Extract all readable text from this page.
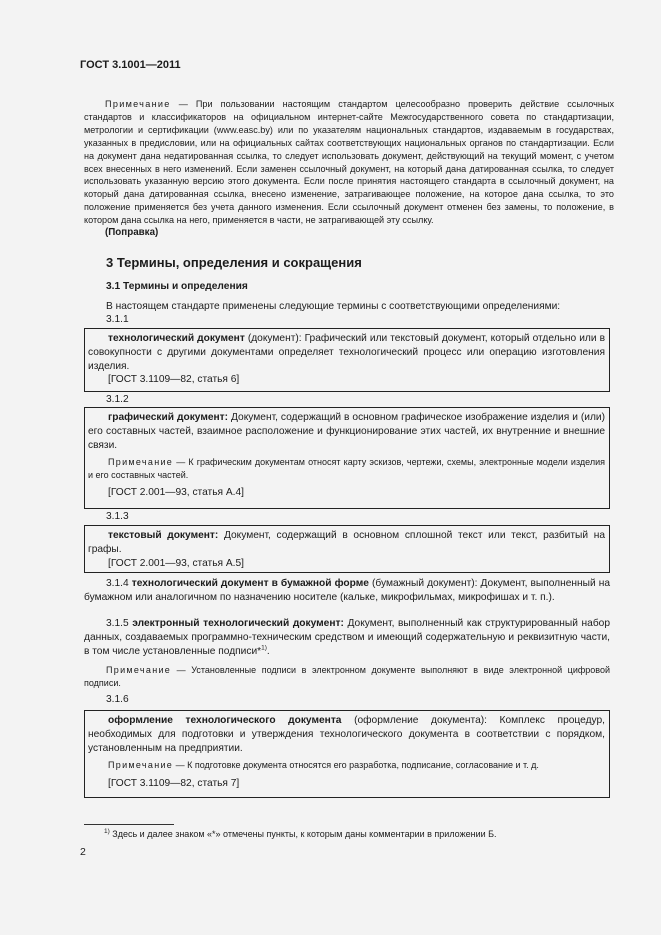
ГОСТ 3.1001—2011

Примечание — При пользовании настоящим стандартом целесообразно проверить действие ссылочных стандартов и классификаторов на официальном интернет-сайте Межгосударственного совета по стандартизации, метрологии и сертификации (www.easc.by) или по указателям национальных стандартов, издаваемым в государствах, указанных в предисловии, или на официальных сайтах соответствующих национальных органов по стандартизации. Если на документ дана недатированная ссылка, то следует использовать документ, действующий на текущий момент, с учетом всех внесенных в него изменений. Если заменен ссылочный документ, на который дана датированная ссылка, то следует использовать указанную версию этого документа. Если после принятия настоящего стандарта в ссылочный документ, на который дана датированная ссылка, внесено изменение, затрагивающее положение, на которое дана ссылка, то это положение применяется без учета данного изменения. Если ссылочный документ отменен без замены, то положение, в котором дана ссылка на него, применяется в части, не затрагивающей эту ссылку.

(Поправка)
3 Термины, определения и сокращения
3.1 Термины и определения
В настоящем стандарте применены следующие термины с соответствующими определениями:
3.1.1

технологический документ (документ): Графический или текстовый документ, который отдельно или в совокупности с другими документами определяет технологический процесс или операцию изготовления изделия.

[ГОСТ 3.1109—82, статья 6]

3.1.2

графический документ: Документ, содержащий в основном графическое изображение изделия и (или) его составных частей, взаимное расположение и функционирование этих частей, их внутренние и внешние связи.

Примечание — К графическим документам относят карту эскизов, чертежи, схемы, электронные модели изделия и его составных частей.

[ГОСТ 2.001—93, статья А.4]

3.1.3

текстовый документ: Документ, содержащий в основном сплошной текст или текст, разбитый на графы.

[ГОСТ 2.001—93, статья А.5]

3.1.4 технологический документ в бумажной форме (бумажный документ): Документ, выполненный на бумажном или аналогичном по назначению носителе (кальке, микрофильмах, микрофишах и т. п.).

3.1.5 электронный технологический документ: Документ, выполненный как структурированный набор данных, создаваемых программно-техническим средством и имеющий содержательную и реквизитную части, в том числе установленные подписи*$^{1)}$.

Примечание — Установленные подписи в электронном документе выполняют в виде электронной цифровой подписи.

3.1.6

оформление технологического документа (оформление документа): Комплекс процедур, необходимых для подготовки и утверждения технологического документа в соответствии с порядком, установленным на предприятии.

Примечание — К подготовке документа относятся его разработка, подписание, согласование и т. д.

[ГОСТ 3.1109—82, статья 7]

$^{1)}$ Здесь и далее знаком «*» отмечены пункты, к которым даны комментарии в приложении Б.
2
